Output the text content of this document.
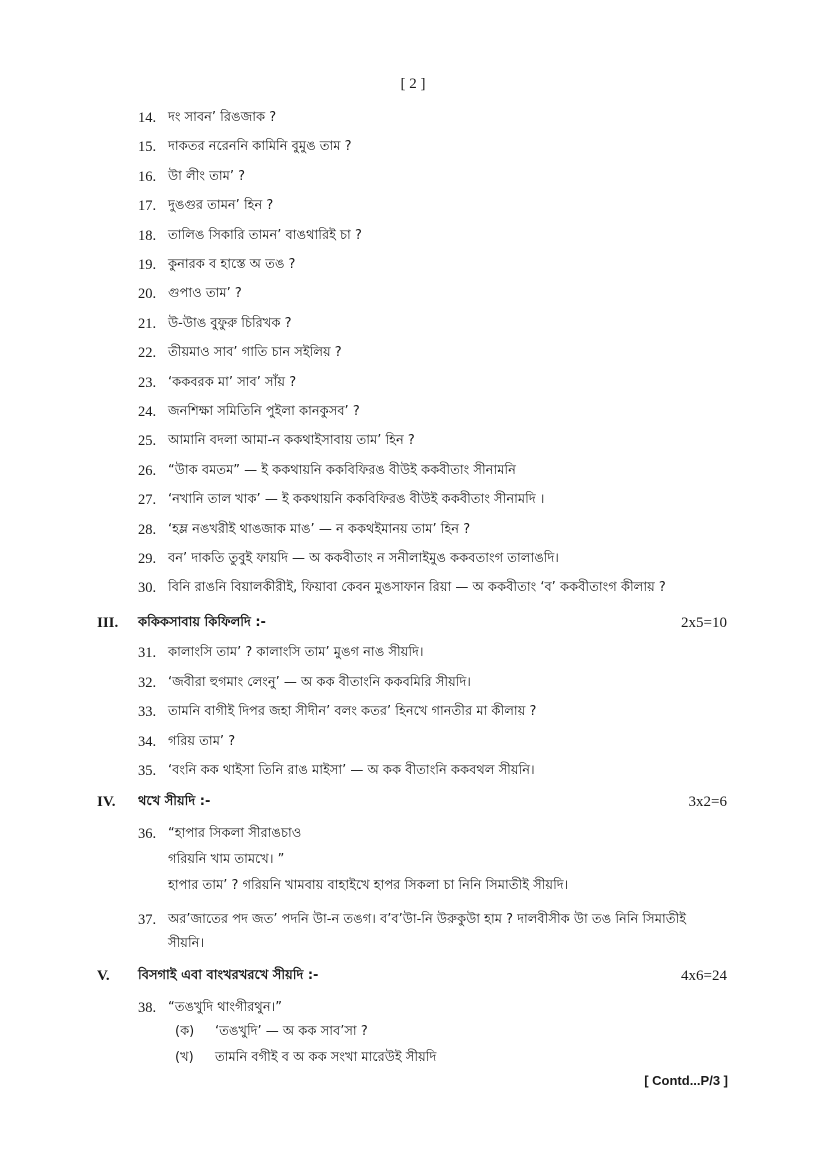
[ 2 ]
14. দং সাবন’ রিঙজাক ?
15. দাকতর নরেননি কামিনি বুমুঙ তাম ?
16. উা লীং তাম’ ?
17. দুঙগুর তামন’ হিন ?
18. তালিঙ সিকারি তামন’ বাঙথারিই চা ?
19. কুনারক ব হাস্তে অ তঙ ?
20. গুপাও তাম’ ?
21. উ-উাঙ বুফুরু চিরিখক ?
22. তীয়মাও সাব’ গাতি চান সইলিয় ?
23. ‘ককবরক মা’ সাব’ সাঁয় ?
24. জনশিক্ষা সমিতিনি পুইলা কানকুসব’ ?
25. আমানি বদলা আমা-ন ককথাইসাবায় তাম’ হিন ?
26. “উাক বমতম” — ই ককথায়নি ককবিফিরঙ বীউই ককবীতাং সীনামনি
27. ‘নখানি তাল খাক’ — ই ককথায়নি ককবিফিরঙ বীউই ককবীতাং সীনামদি ।
28. ‘হম্ল নঙখরীই থাঙজাক মাঙ’ — ন ককথইমানয় তাম’ হিন ?
29. বন’ দাকতি তুবুই ফায়দি — অ ককবীতাং ন সনীলাইমুঙ ককবতাংগ তালাঙদি।
30. বিনি রাঙনি বিয়ালকীরীই, ফিয়াবা কেবন মুঙসাফান রিয়া — অ ককবীতাং ‘ব’ ককবীতাংগ কীলায় ?
III. ককিকসাবায় কিফিলদি :-	2x5=10
31. কালাংসি তাম’ ? কালাংসি তাম’ মুঙগ নাঙ সীয়দি।
32. ‘জবীরা হুগমাং লেংনু’ — অ কক বীতাংনি ককবমিরি সীয়দি।
33. তামনি বাগীই দিপর জহা সীদীন’ বলং কতর’ হিনখে গানতীর মা কীলায় ?
34. গরিয় তাম’ ?
35. ‘বংনি কক থাইসা তিনি রাঙ মাইসা’ — অ কক বীতাংনি ককবথল সীয়নি।
IV. থখে সীয়দি :-	3x2=6
36. “হাপার সিকলা সীরাঙচাও
গরিয়নি খাম তামখে। ”
হাপার তাম’ ? গরিয়নি খামবায় বাহাইখে হাপর সিকলা চা নিনি সিমাতীই সীয়দি।
37. অর’জাতের পদ জত’ পদনি উা-ন তঙগ। ব’ব’উা-নি উরুকুউা হাম ? দালবীসীক উা তঙ নিনি সিমাতীই
সীয়নি।
V. বিসগাই এবা বাংখরখরখে সীয়দি :-	4x6=24
38. “তঙখুদি থাংগীরথুন।”
(ক) ‘তঙখুদি’ — অ কক সাব’সা ?
(খ) তামনি বগীই ব অ কক সংখা মারেউই সীয়দি
[ Contd...P/3 ]
